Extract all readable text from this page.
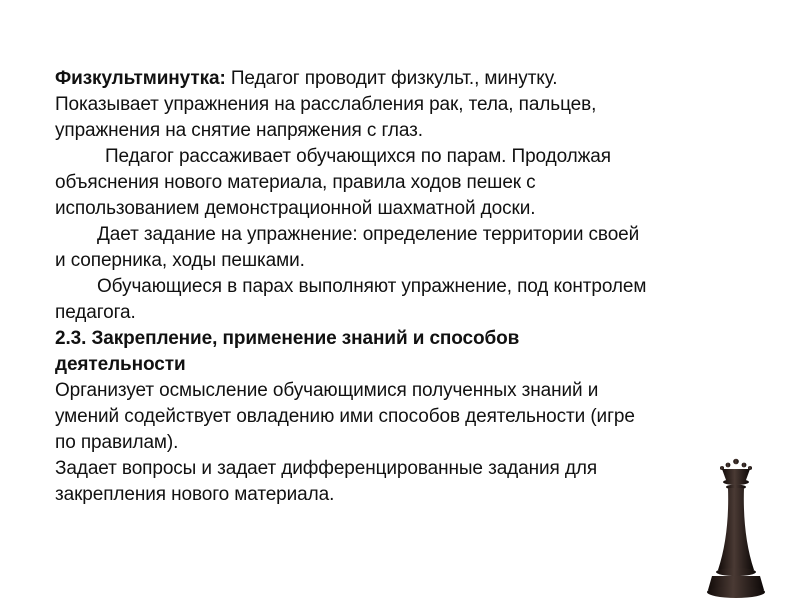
Физкультминутка: Педагог проводит физкульт., минутку.
Показывает упражнения на расслабления рак, тела, пальцев,
упражнения на снятие напряжения с глаз.
Педагог рассаживает обучающихся по парам. Продолжая
объяснения нового материала, правила ходов пешек с
использованием демонстрационной шахматной доски.
Дает задание на упражнение: определение территории своей
и соперника, ходы пешками.
Обучающиеся в парах выполняют упражнение, под контролем
педагога.
2.3. Закрепление, применение знаний и способов
деятельности
Организует осмысление обучающимися полученных знаний и
умений содействует овладению ими способов деятельности (игре
по правилам).
Задает вопросы и задает дифференцированные задания для
закрепления нового материала.
